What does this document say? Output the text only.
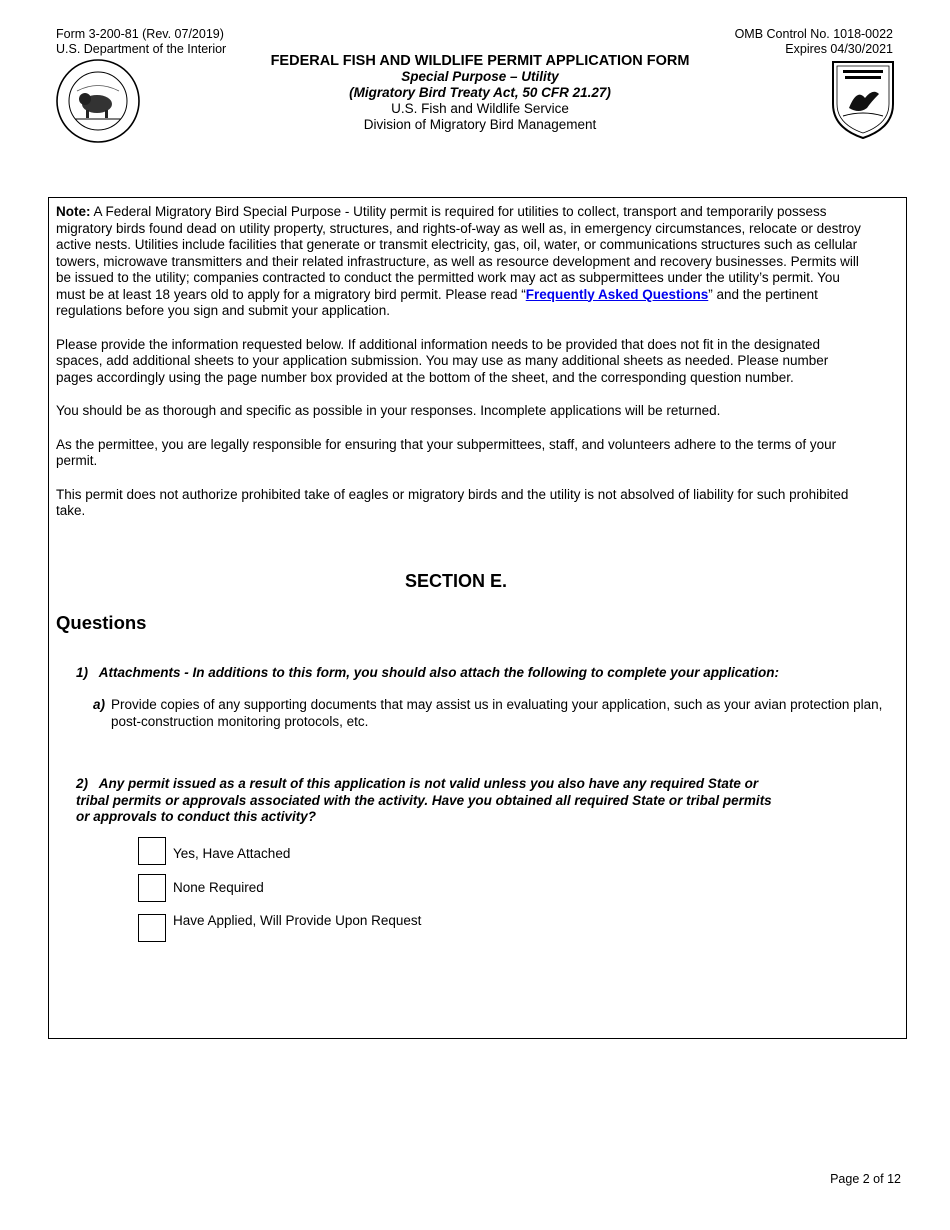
Form 3-200-81 (Rev. 07/2019)
U.S. Department of the Interior
OMB Control No. 1018-0022
Expires 04/30/2021
FEDERAL FISH AND WILDLIFE PERMIT APPLICATION FORM
Special Purpose – Utility
(Migratory Bird Treaty Act, 50 CFR 21.27)
U.S. Fish and Wildlife Service
Division of Migratory Bird Management

Note: A Federal Migratory Bird Special Purpose - Utility permit is required for utilities to collect, transport and temporarily possess migratory birds found dead on utility property, structures, and rights-of-way as well as, in emergency circumstances, relocate or destroy active nests. Utilities include facilities that generate or transmit electricity, gas, oil, water, or communications structures such as cellular towers, microwave transmitters and their related infrastructure, as well as resource development and recovery businesses. Permits will be issued to the utility; companies contracted to conduct the permitted work may act as subpermittees under the utility’s permit. You must be at least 18 years old to apply for a migratory bird permit. Please read “Frequently Asked Questions” and the pertinent regulations before you sign and submit your application.

Please provide the information requested below. If additional information needs to be provided that does not fit in the designated spaces, add additional sheets to your application submission. You may use as many additional sheets as needed. Please number pages accordingly using the page number box provided at the bottom of the sheet, and the corresponding question number.

You should be as thorough and specific as possible in your responses. Incomplete applications will be returned.

As the permittee, you are legally responsible for ensuring that your subpermittees, staff, and volunteers adhere to the terms of your permit.

This permit does not authorize prohibited take of eagles or migratory birds and the utility is not absolved of liability for such prohibited take.

SECTION E.
Questions
1)   Attachments - In additions to this form, you should also attach the following to complete your application:
a) Provide copies of any supporting documents that may assist us in evaluating your application, such as your avian protection plan, post-construction monitoring protocols, etc.
2)   Any permit issued as a result of this application is not valid unless you also have any required State or tribal permits or approvals associated with the activity. Have you obtained all required State or tribal permits or approvals to conduct this activity?
Yes, Have Attached
None Required
Have Applied, Will Provide Upon Request
Page 2 of 12
